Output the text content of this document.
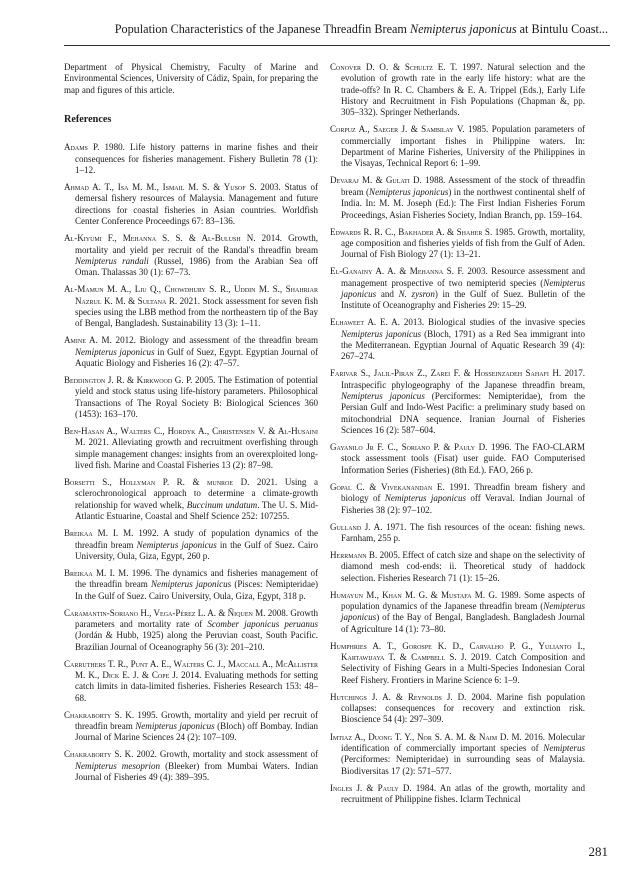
Population Characteristics of the Japanese Threadfin Bream Nemipterus japonicus at Bintulu Coast...

Department of Physical Chemistry, Faculty of Marine and Environmental Sciences, University of Cádiz, Spain, for preparing the map and figures of this article.

References

Adams P. 1980. Life history patterns in marine fishes and their consequences for fisheries management. Fishery Bulletin 78 (1): 1–12.

Ahmad A. T., Isa M. M., Ismail M. S. & Yusof S. 2003. Status of demersal fishery resources of Malaysia. Management and future directions for coastal fisheries in Asian countries. Worldfish Center Conference Proceedings 67: 83–136.

Al-Kiyumi F., Mehanna S. S. & Al-Bulush N. 2014. Growth, mortality and yield per recruit of the Randal's threadfin bream Nemipterus randali (Russel, 1986) from the Arabian Sea off Oman. Thalassas 30 (1): 67–73.

Al-Mamun M. A., Liu Q., Chowdhury S. R., Uddin M. S., Shahriar Nazrul K. M. & Sultana R. 2021. Stock assessment for seven fish species using the LBB method from the northeastern tip of the Bay of Bengal, Bangladesh. Sustainability 13 (3): 1–11.

Amine A. M. 2012. Biology and assessment of the threadfin bream Nemipterus japonicus in Gulf of Suez, Egypt. Egyptian Journal of Aquatic Biology and Fisheries 16 (2): 47–57.

Beddington J. R. & Kirkwood G. P. 2005. The Estimation of potential yield and stock status using life-history parameters. Philosophical Transactions of The Royal Society B: Biological Sciences 360 (1453): 163–170.

Ben-Hasan A., Walters C., Hordyk A., Christensen V. & Al-Husaini M. 2021. Alleviating growth and recruitment overfishing through simple management changes: insights from an overexploited long-lived fish. Marine and Coastal Fisheries 13 (2): 87–98.

Borsetti S., Hollyman P. R. & munroe D. 2021. Using a sclerochronological approach to determine a climate-growth relationship for waved whelk, Buccinum undatum. The U. S. Mid-Atlantic Estuarine, Coastal and Shelf Science 252: 107255.

Breikaa M. I. M. 1992. A study of population dynamics of the threadfin bream Nemipterus japonicus in the Gulf of Suez. Cairo University, Oula, Giza, Egypt, 260 p.

Breikaa M. I. M. 1996. The dynamics and fisheries management of the threadfin bream Nemipterus japonicus (Pisces: Nemipteridae) In the Gulf of Suez. Cairo University, Oula, Giza, Egypt, 318 p.

Caramantin-Soriano H., Vega-Pérez L. A. & Ñiquen M. 2008. Growth parameters and mortality rate of Scomber japonicus peruanus (Jordán & Hubb, 1925) along the Peruvian coast, South Pacific. Brazilian Journal of Oceanography 56 (3): 201–210.

Carruthers T. R., Punt A. E., Walters C. J., Maccall A., McAllister M. K., Dick E. J. & Cope J. 2014. Evaluating methods for setting catch limits in data-limited fisheries. Fisheries Research 153: 48–68.

Chakraborty S. K. 1995. Growth, mortality and yield per recruit of threadfin bream Nemipterus japonicus (Bloch) off Bombay. Indian Journal of Marine Sciences 24 (2): 107–109.

Chakraborty S. K. 2002. Growth, mortality and stock assessment of Nemipterus mesoprion (Bleeker) from Mumbai Waters. Indian Journal of Fisheries 49 (4): 389–395.

Conover D. O. & Schultz E. T. 1997. Natural selection and the evolution of growth rate in the early life history: what are the trade-offs? In R. C. Chambers & E. A. Trippel (Eds.), Early Life History and Recruitment in Fish Populations (Chapman &, pp. 305–332). Springer Netherlands.

Corpuz A., Saeger J. & Sambilay V. 1985. Population parameters of commercially important fishes in Philippine waters. In: Department of Marine Fisheries, University of the Philippines in the Visayas, Technical Report 6: 1–99.

Devaraj M. & Gulati D. 1988. Assessment of the stock of threadfin bream (Nemipterus japonicus) in the northwest continental shelf of India. In: M. M. Joseph (Ed.): The First Indian Fisheries Forum Proceedings, Asian Fisheries Society, Indian Branch, pp. 159–164.

Edwards R. R. C., Bakhader A. & Shaher S. 1985. Growth, mortality, age composition and fisheries yields of fish from the Gulf of Aden. Journal of Fish Biology 27 (1): 13–21.

El-Ganainy A. A. & Mehanna S. F. 2003. Resource assessment and management prospective of two nemipterid species (Nemipterus japonicus and N. zysron) in the Gulf of Suez. Bulletin of the Institute of Oceanography and Fisheries 29: 15–29.

Elhaweet A. E. A. 2013. Biological studies of the invasive species Nemipterus japonicus (Bloch, 1791) as a Red Sea immigrant into the Mediterranean. Egyptian Journal of Aquatic Research 39 (4): 267–274.

Farivar S., Jalil-Piran Z., Zarei F. & Hosseinzadeh Sahafi H. 2017. Intraspecific phylogeography of the Japanese threadfin bream, Nemipterus japonicus (Perciformes: Nemipteridae), from the Persian Gulf and Indo-West Pacific: a preliminary study based on mitochondrial DNA sequence. Iranian Journal of Fisheries Sciences 16 (2): 587–604.

Gayanilo Jr F. C., Soriano P. & Pauly D. 1996. The FAO-CLARM stock assessment tools (Fisat) user guide. FAO Computerised Information Series (Fisheries) (8th Ed.). FAO, 266 p.

Gopal C. & Vivekanandan E. 1991. Threadfin bream fishery and biology of Nemipterus japonicus off Veraval. Indian Journal of Fisheries 38 (2): 97–102.

Gulland J. A. 1971. The fish resources of the ocean: fishing news. Farnham, 255 p.

Herrmann B. 2005. Effect of catch size and shape on the selectivity of diamond mesh cod-ends: ii. Theoretical study of haddock selection. Fisheries Research 71 (1): 15–26.

Humayun M., Khan M. G. & Mustafa M. G. 1989. Some aspects of population dynamics of the Japanese threadfin bream (Nemipterus japonicus) of the Bay of Bengal, Bangladesh. Bangladesh Journal of Agriculture 14 (1): 73–80.

Humphries A. T., Gorospe K. D., Carvalho P. G., Yulianto I., Kartawijaya T. & Campbell S. J. 2019. Catch Composition and Selectivity of Fishing Gears in a Multi-Species Indonesian Coral Reef Fishery. Frontiers in Marine Science 6: 1–9.

Hutchings J. A. & Reynolds J. D. 2004. Marine fish population collapses: consequences for recovery and extinction risk. Bioscience 54 (4): 297–309.

Imtiaz A., Duong T. Y., Nor S. A. M. & Naim D. M. 2016. Molecular identification of commercially important species of Nemipterus (Perciformes: Nemipteridae) in surrounding seas of Malaysia. Biodiversitas 17 (2): 571–577.

Ingles J. & Pauly D. 1984. An atlas of the growth, mortality and recruitment of Philippine fishes. Iclarm Technical

281
